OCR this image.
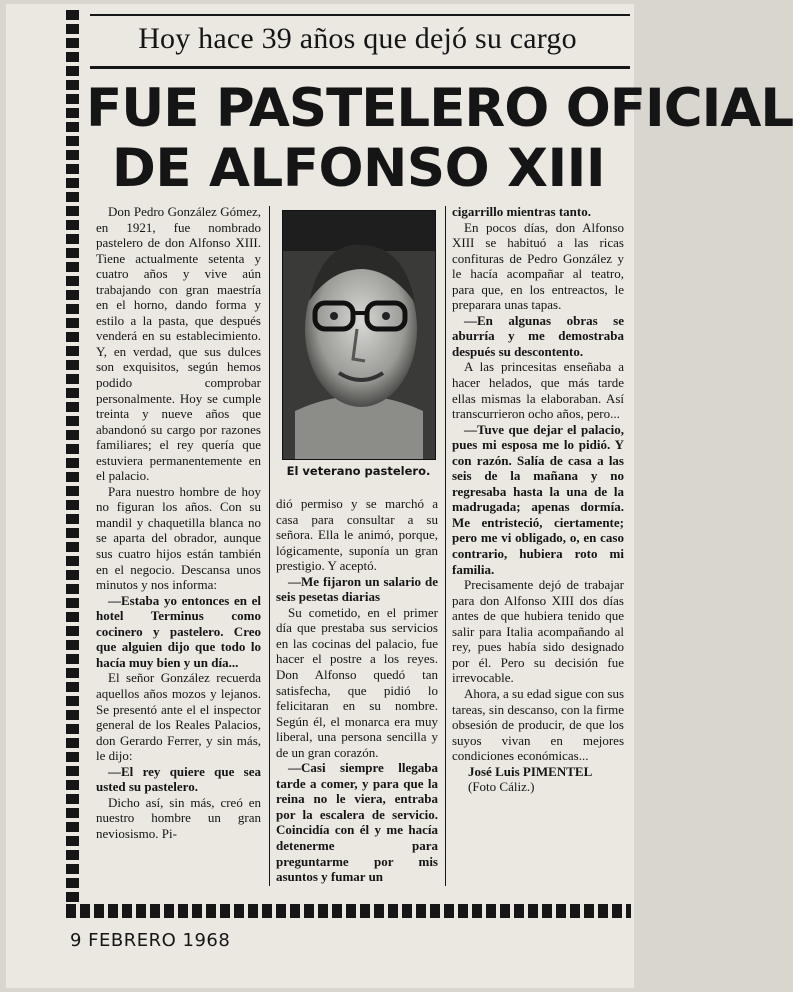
Hoy hace 39 años que dejó su cargo
FUE PASTELERO OFICIAL
DE ALFONSO XIII

Don Pedro González Gómez, en 1921, fue nombrado pastelero de don Alfonso XIII. Tiene actualmente setenta y cuatro años y vive aún trabajando con gran maestría en el horno, dando forma y estilo a la pasta, que después venderá en su establecimiento. Y, en verdad, que sus dulces son exquisitos, según hemos podido comprobar personalmente. Hoy se cumple treinta y nueve años que abandonó su cargo por razones familiares; el rey quería que estuviera permanentemente en el palacio.

Para nuestro hombre de hoy no figuran los años. Con su mandil y chaquetilla blanca no se aparta del obrador, aunque sus cuatro hijos están también en el negocio. Descansa unos minutos y nos informa:

—Estaba yo entonces en el hotel Terminus como cocinero y pastelero. Creo que alguien dijo que todo lo hacía muy bien y un día...

El señor González recuerda aquellos años mozos y lejanos. Se presentó ante el el inspector general de los Reales Palacios, don Gerardo Ferrer, y sin más, le dijo:

—El rey quiere que sea usted su pastelero.

Dicho así, sin más, creó en nuestro hombre un gran neviosismo. Pi-

El veterano pastelero.

dió permiso y se marchó a casa para consultar a su señora. Ella le animó, porque, lógicamente, suponía un gran prestigio. Y aceptó.

—Me fijaron un salario de seis pesetas diarias

Su cometido, en el primer día que prestaba sus servicios en las cocinas del palacio, fue hacer el postre a los reyes. Don Alfonso quedó tan satisfecha, que pidió lo felicitaran en su nombre. Según él, el monarca era muy liberal, una persona sencilla y de un gran corazón.

—Casi siempre llegaba tarde a comer, y para que la reina no le viera, entraba por la escalera de servicio. Coincidía con él y me hacía detenerme para preguntarme por mis asuntos y fumar un

cigarrillo mientras tanto.

En pocos días, don Alfonso XIII se habituó a las ricas confituras de Pedro González y le hacía acompañar al teatro, para que, en los entreactos, le preparara unas tapas.

—En algunas obras se aburría y me demostraba después su descontento.

A las princesitas enseñaba a hacer helados, que más tarde ellas mismas la elaboraban. Así transcurrieron ocho años, pero...

—Tuve que dejar el palacio, pues mi esposa me lo pidió. Y con razón. Salía de casa a las seis de la mañana y no regresaba hasta la una de la madrugada; apenas dormía. Me entristeció, ciertamente; pero me vi obligado, o, en caso contrario, hubiera roto mi familia.

Precisamente dejó de trabajar para don Alfonso XIII dos días antes de que hubiera tenido que salir para Italia acompañando al rey, pues había sido designado por él. Pero su decisión fue irrevocable.

Ahora, a su edad sigue con sus tareas, sin descanso, con la firme obsesión de producir, de que los suyos vivan en mejores condiciones económicas...

José Luis PIMENTEL

(Foto Cáliz.)

9 FEBRERO 1968
